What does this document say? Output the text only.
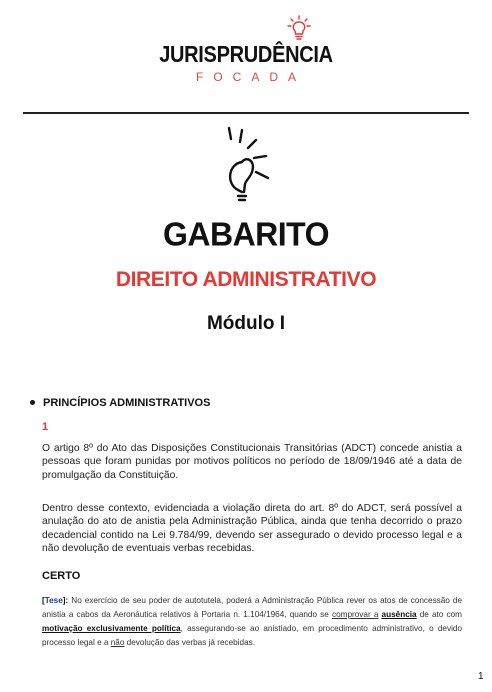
JURISPRUDÊNCIA
FOCADA
GABARITO
DIREITO ADMINISTRATIVO
Módulo I
PRINCÍPIOS ADMINISTRATIVOS
1
O artigo 8º do Ato das Disposições Constitucionais Transitórias (ADCT) concede anistia a pessoas que foram punidas por motivos políticos no período de 18/09/1946 até a data de promulgação da Constituição.
Dentro desse contexto, evidenciada a violação direta do art. 8º do ADCT, será possível a anulação do ato de anistia pela Administração Pública, ainda que tenha decorrido o prazo decadencial contido na Lei 9.784/99, devendo ser assegurado o devido processo legal e a não devolução de eventuais verbas recebidas.
CERTO
[Tese]: No exercício de seu poder de autotutela, poderá a Administração Pública rever os atos de concessão de anistia a cabos da Aeronáutica relativos à Portaria n. 1.104/1964, quando se comprovar a ausência de ato com motivação exclusivamente política, assegurando-se ao anistiado, em procedimento administrativo, o devido processo legal e a não devolução das verbas já recebidas.
1
